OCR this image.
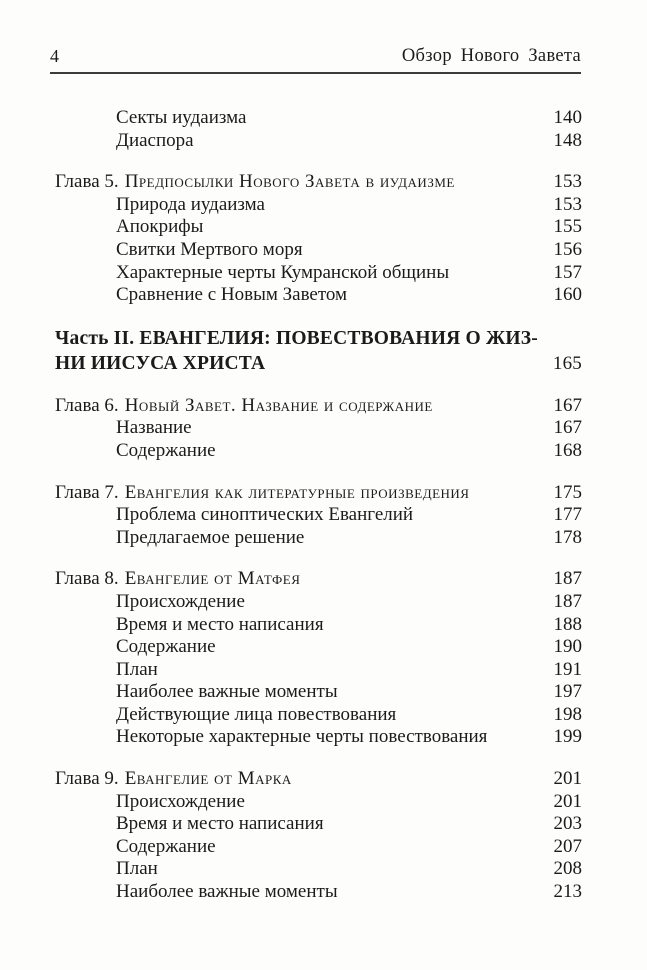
4	Обзор Нового Завета
Секты иудаизма	140
Диаспора	148
Глава 5. Предпосылки Нового Завета в иудаизме	153
Природа иудаизма	153
Апокрифы	155
Свитки Мертвого моря	156
Характерные черты Кумранской общины	157
Сравнение с Новым Заветом	160
Часть II. ЕВАНГЕЛИЯ: ПОВЕСТВОВАНИЯ О ЖИЗ-
НИ ИИСУСА ХРИСТА	165
Глава 6. Новый Завет. Название и содержание	167
Название	167
Содержание	168
Глава 7. Евангелия как литературные произведения	175
Проблема синоптических Евангелий	177
Предлагаемое решение	178
Глава 8. Евангелие от Матфея	187
Происхождение	187
Время и место написания	188
Содержание	190
План	191
Наиболее важные моменты	197
Действующие лица повествования	198
Некоторые характерные черты повествования	199
Глава 9. Евангелие от Марка	201
Происхождение	201
Время и место написания	203
Содержание	207
План	208
Наиболее важные моменты	213
